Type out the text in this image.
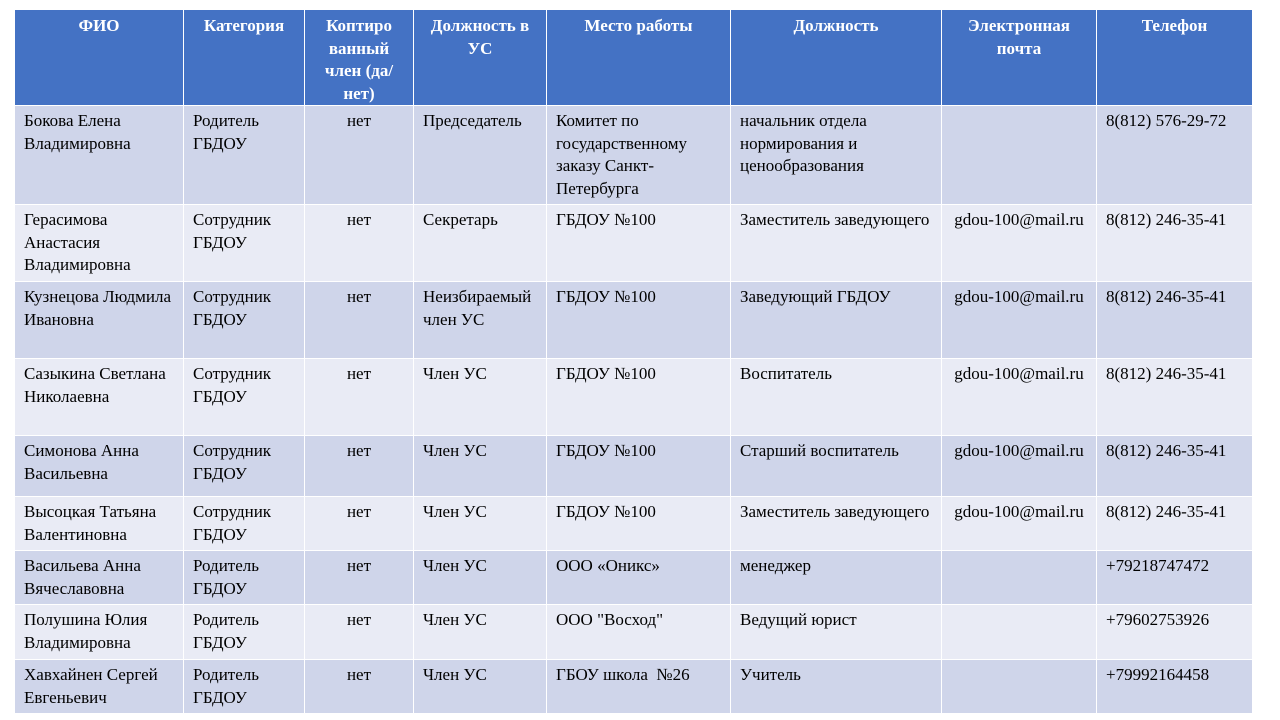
ФИО	Категория	Коптиро ванный член (да/нет)	Должность в УС	Место работы	Должность	Электронная почта	Телефон
Бокова Елена Владимировна	Родитель ГБДОУ	нет	Председатель	Комитет по государственному заказу Санкт-Петербурга	начальник отдела нормирования и ценообразования		8(812) 576-29-72
Герасимова Анастасия Владимировна	Сотрудник ГБДОУ	нет	Секретарь	ГБДОУ №100	Заместитель заведующего	gdou-100@mail.ru	8(812) 246-35-41
Кузнецова Людмила Ивановна	Сотрудник ГБДОУ	нет	Неизбираемый член УС	ГБДОУ №100	Заведующий ГБДОУ	gdou-100@mail.ru	8(812) 246-35-41
Сазыкина Светлана Николаевна	Сотрудник ГБДОУ	нет	Член УС	ГБДОУ №100	Воспитатель	gdou-100@mail.ru	8(812) 246-35-41
Симонова Анна Васильевна	Сотрудник ГБДОУ	нет	Член УС	ГБДОУ №100	Старший воспитатель	gdou-100@mail.ru	8(812) 246-35-41
Высоцкая Татьяна Валентиновна	Сотрудник ГБДОУ	нет	Член УС	ГБДОУ №100	Заместитель заведующего	gdou-100@mail.ru	8(812) 246-35-41
Васильева Анна Вячеславовна	Родитель ГБДОУ	нет	Член УС	ООО «Оникс»	менеджер		+79218747472
Полушина Юлия Владимировна	Родитель ГБДОУ	нет	Член УС	ООО "Восход"	Ведущий юрист		+79602753926
Хавхайнен Сергей Евгеньевич	Родитель ГБДОУ	нет	Член УС	ГБОУ школа  №26	Учитель		+79992164458
